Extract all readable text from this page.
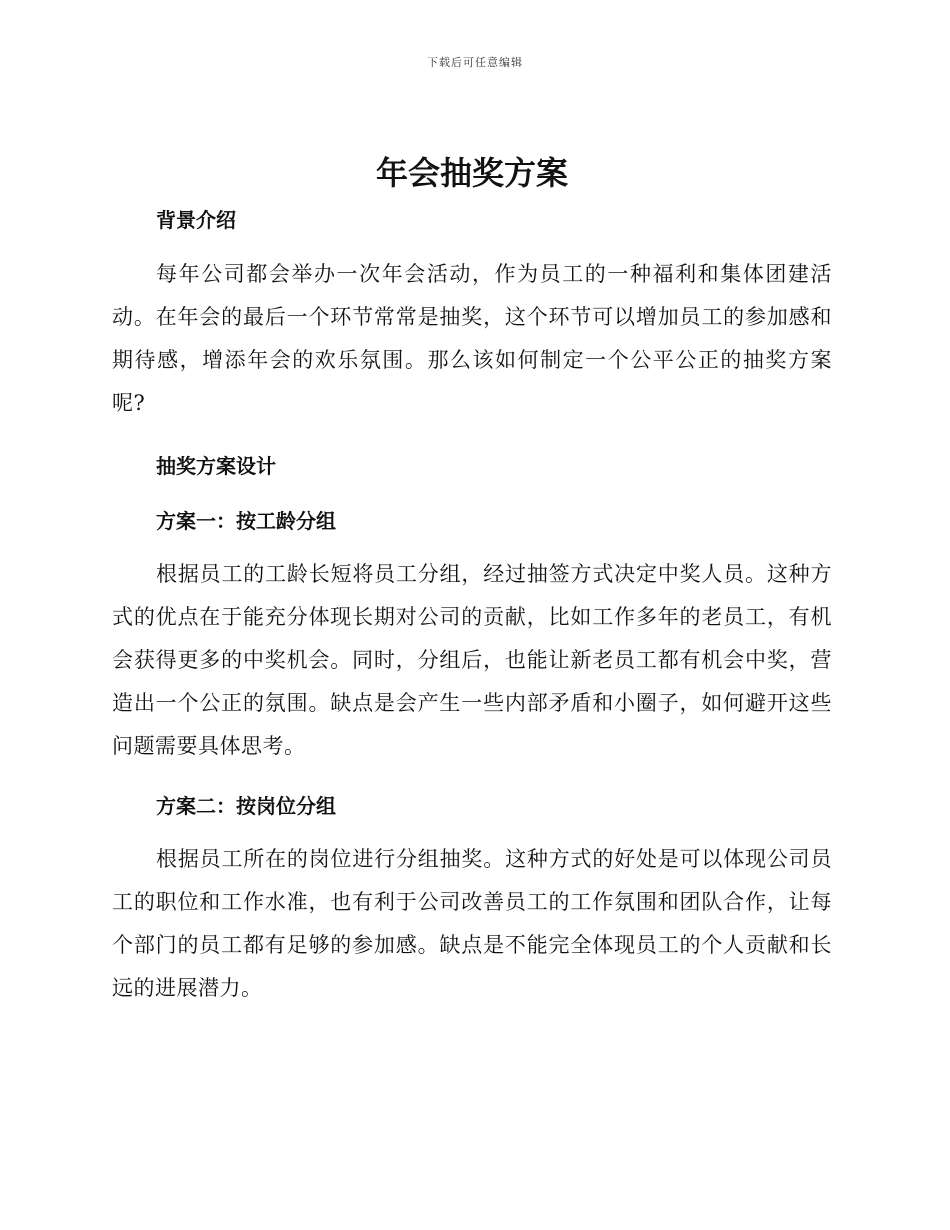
下载后可任意编辑
年会抽奖方案
背景介绍

每年公司都会举办一次年会活动，作为员工的一种福利和集体团建活动。在年会的最后一个环节常常是抽奖，这个环节可以增加员工的参加感和期待感，增添年会的欢乐氛围。那么该如何制定一个公平公正的抽奖方案呢?

抽奖方案设计
方案一：按工龄分组

根据员工的工龄长短将员工分组，经过抽签方式决定中奖人员。这种方式的优点在于能充分体现长期对公司的贡献，比如工作多年的老员工，有机会获得更多的中奖机会。同时，分组后，也能让新老员工都有机会中奖，营造出一个公正的氛围。缺点是会产生一些内部矛盾和小圈子，如何避开这些问题需要具体思考。

方案二：按岗位分组

根据员工所在的岗位进行分组抽奖。这种方式的好处是可以体现公司员工的职位和工作水准，也有利于公司改善员工的工作氛围和团队合作，让每个部门的员工都有足够的参加感。缺点是不能完全体现员工的个人贡献和长远的进展潜力。
